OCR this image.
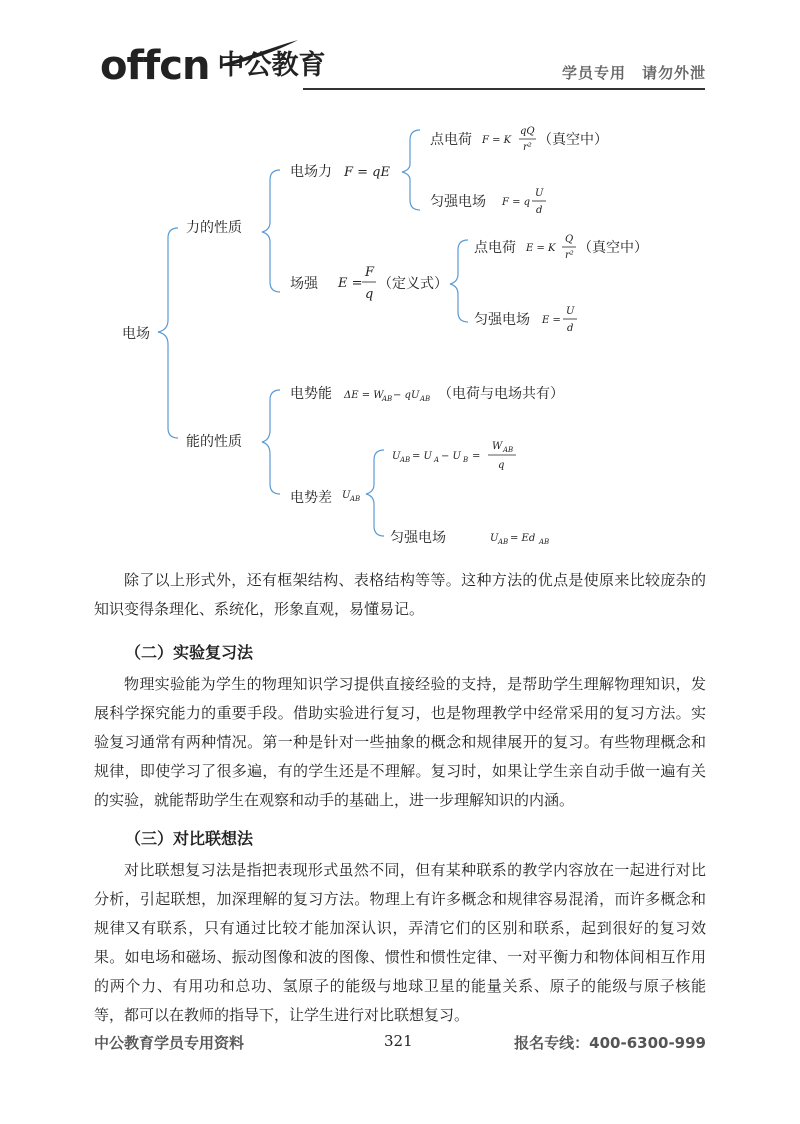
offcn 中公教育	学员专用　请勿外泄
电场
力的性质
电场力 F = qE
点电荷 F = K
qQ
r² （真空中）
匀强电场 F = q
U
d
场强 E =
F
q
（定义式）
点电荷 E = K
Q
r² （真空中）
匀强电场 E =
U
d
能的性质
电势能 ΔE = W
AB − qU AB （电荷与电场共有）
电势差 U AB
U AB = U A − U B =
W AB
q
匀强电场	U AB = Ed AB
除了以上形式外，还有框架结构、表格结构等等。这种方法的优点是使原来比较庞杂的知识变得条理化、系统化，形象直观，易懂易记。
（二）实验复习法
物理实验能为学生的物理知识学习提供直接经验的支持，是帮助学生理解物理知识，发展科学探究能力的重要手段。借助实验进行复习，也是物理教学中经常采用的复习方法。实验复习通常有两种情况。第一种是针对一些抽象的概念和规律展开的复习。有些物理概念和规律，即使学习了很多遍，有的学生还是不理解。复习时，如果让学生亲自动手做一遍有关的实验，就能帮助学生在观察和动手的基础上，进一步理解知识的内涵。
（三）对比联想法
对比联想复习法是指把表现形式虽然不同，但有某种联系的教学内容放在一起进行对比分析，引起联想，加深理解的复习方法。物理上有许多概念和规律容易混淆，而许多概念和规律又有联系，只有通过比较才能加深认识，弄清它们的区别和联系，起到很好的复习效果。如电场和磁场、振动图像和波的图像、惯性和惯性定律、一对平衡力和物体间相互作用的两个力、有用功和总功、氢原子的能级与地球卫星的能量关系、原子的能级与原子核能等，都可以在教师的指导下，让学生进行对比联想复习。
中公教育学员专用资料	321	报名专线：400-6300-999
